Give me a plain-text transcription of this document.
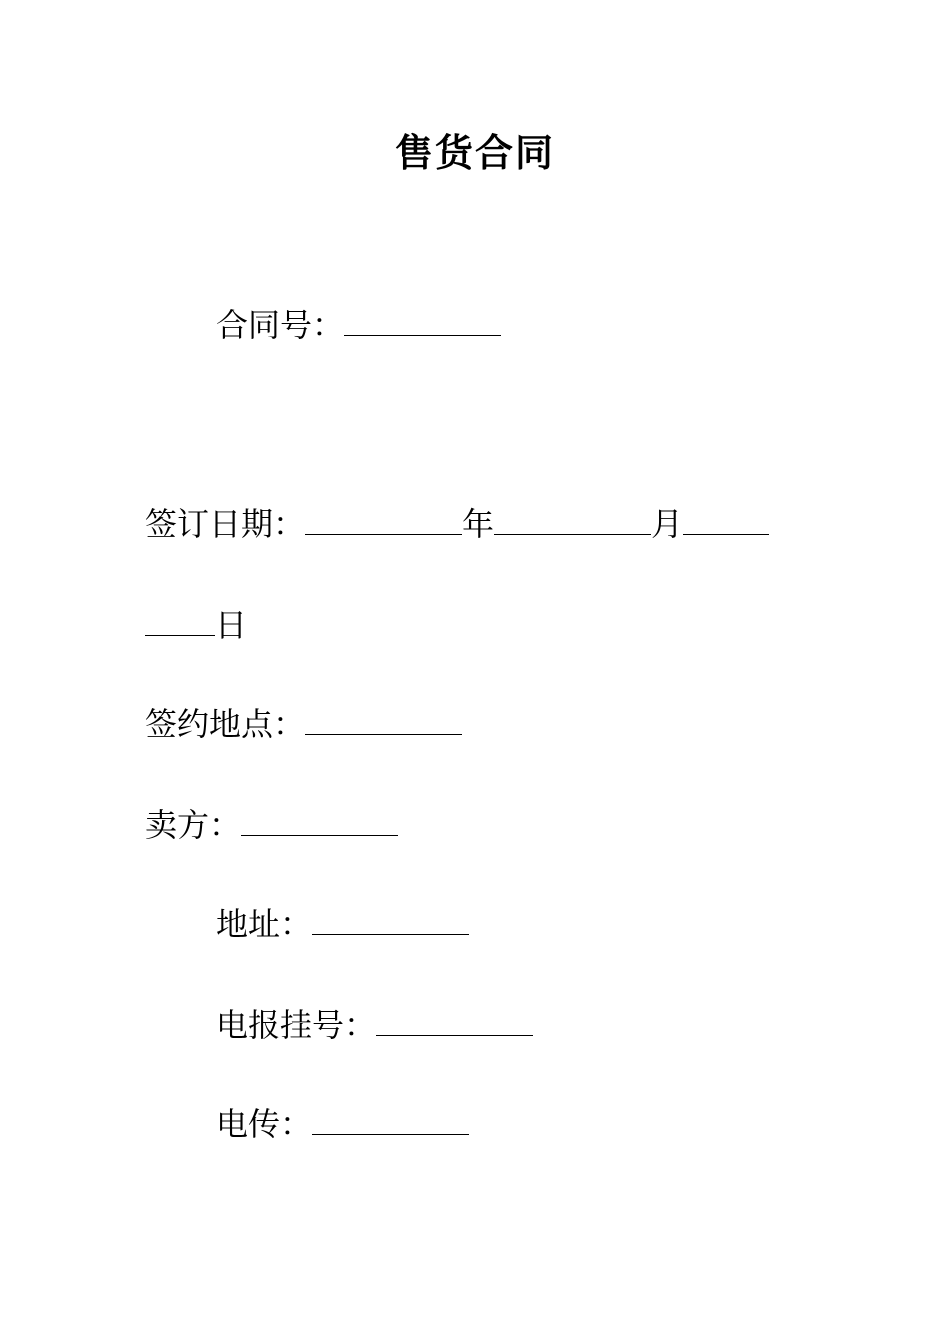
售货合同
合同号：
签订日期：	年	月
日
签约地点：
卖方：
地址：
电报挂号：
电传：
